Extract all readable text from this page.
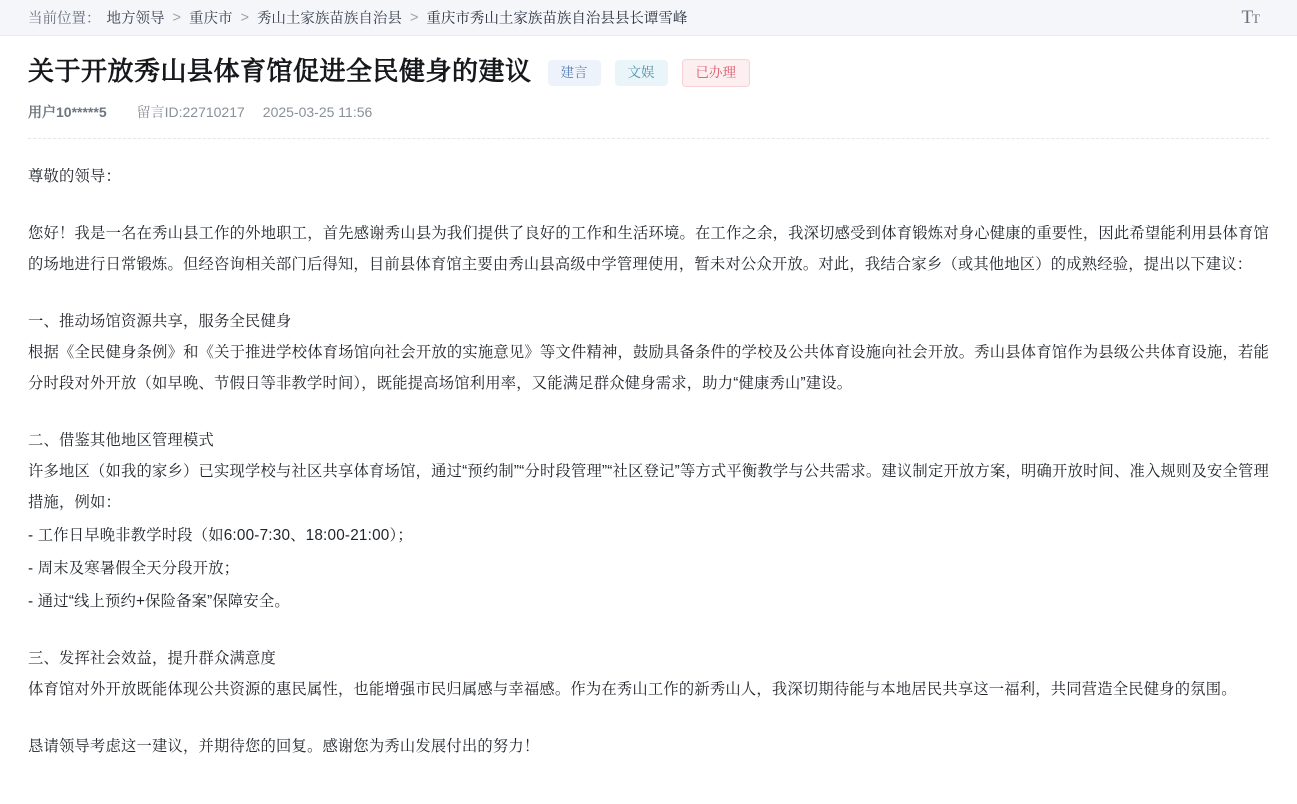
当前位置： 地方领导 > 重庆市 > 秀山土家族苗族自治县 > 重庆市秀山土家族苗族自治县县长谭雪峰	TT
关于开放秀山县体育馆促进全民健身的建议	建言	文娱	已办理
用户10*****5 留言ID:22710217 2025-03-25 11:56

尊敬的领导：

您好！我是一名在秀山县工作的外地职工，首先感谢秀山县为我们提供了良好的工作和生活环境。在工作之余，我深切感受到体育锻炼对身心健康的重要性，因此希望能利用县体育馆的场地进行日常锻炼。但经咨询相关部门后得知，目前县体育馆主要由秀山县高级中学管理使用，暂未对公众开放。对此，我结合家乡（或其他地区）的成熟经验，提出以下建议：

一、推动场馆资源共享，服务全民健身

根据《全民健身条例》和《关于推进学校体育场馆向社会开放的实施意见》等文件精神，鼓励具备条件的学校及公共体育设施向社会开放。秀山县体育馆作为县级公共体育设施，若能分时段对外开放（如早晚、节假日等非教学时间），既能提高场馆利用率，又能满足群众健身需求，助力“健康秀山”建设。

二、借鉴其他地区管理模式

许多地区（如我的家乡）已实现学校与社区共享体育场馆，通过“预约制”“分时段管理”“社区登记”等方式平衡教学与公共需求。建议制定开放方案，明确开放时间、准入规则及安全管理措施，例如：

- 工作日早晚非教学时段（如6:00-7:30、18:00-21:00）；

- 周末及寒暑假全天分段开放；

- 通过“线上预约+保险备案”保障安全。

三、发挥社会效益，提升群众满意度

体育馆对外开放既能体现公共资源的惠民属性，也能增强市民归属感与幸福感。作为在秀山工作的新秀山人，我深切期待能与本地居民共享这一福利，共同营造全民健身的氛围。

恳请领导考虑这一建议，并期待您的回复。感谢您为秀山发展付出的努力！
